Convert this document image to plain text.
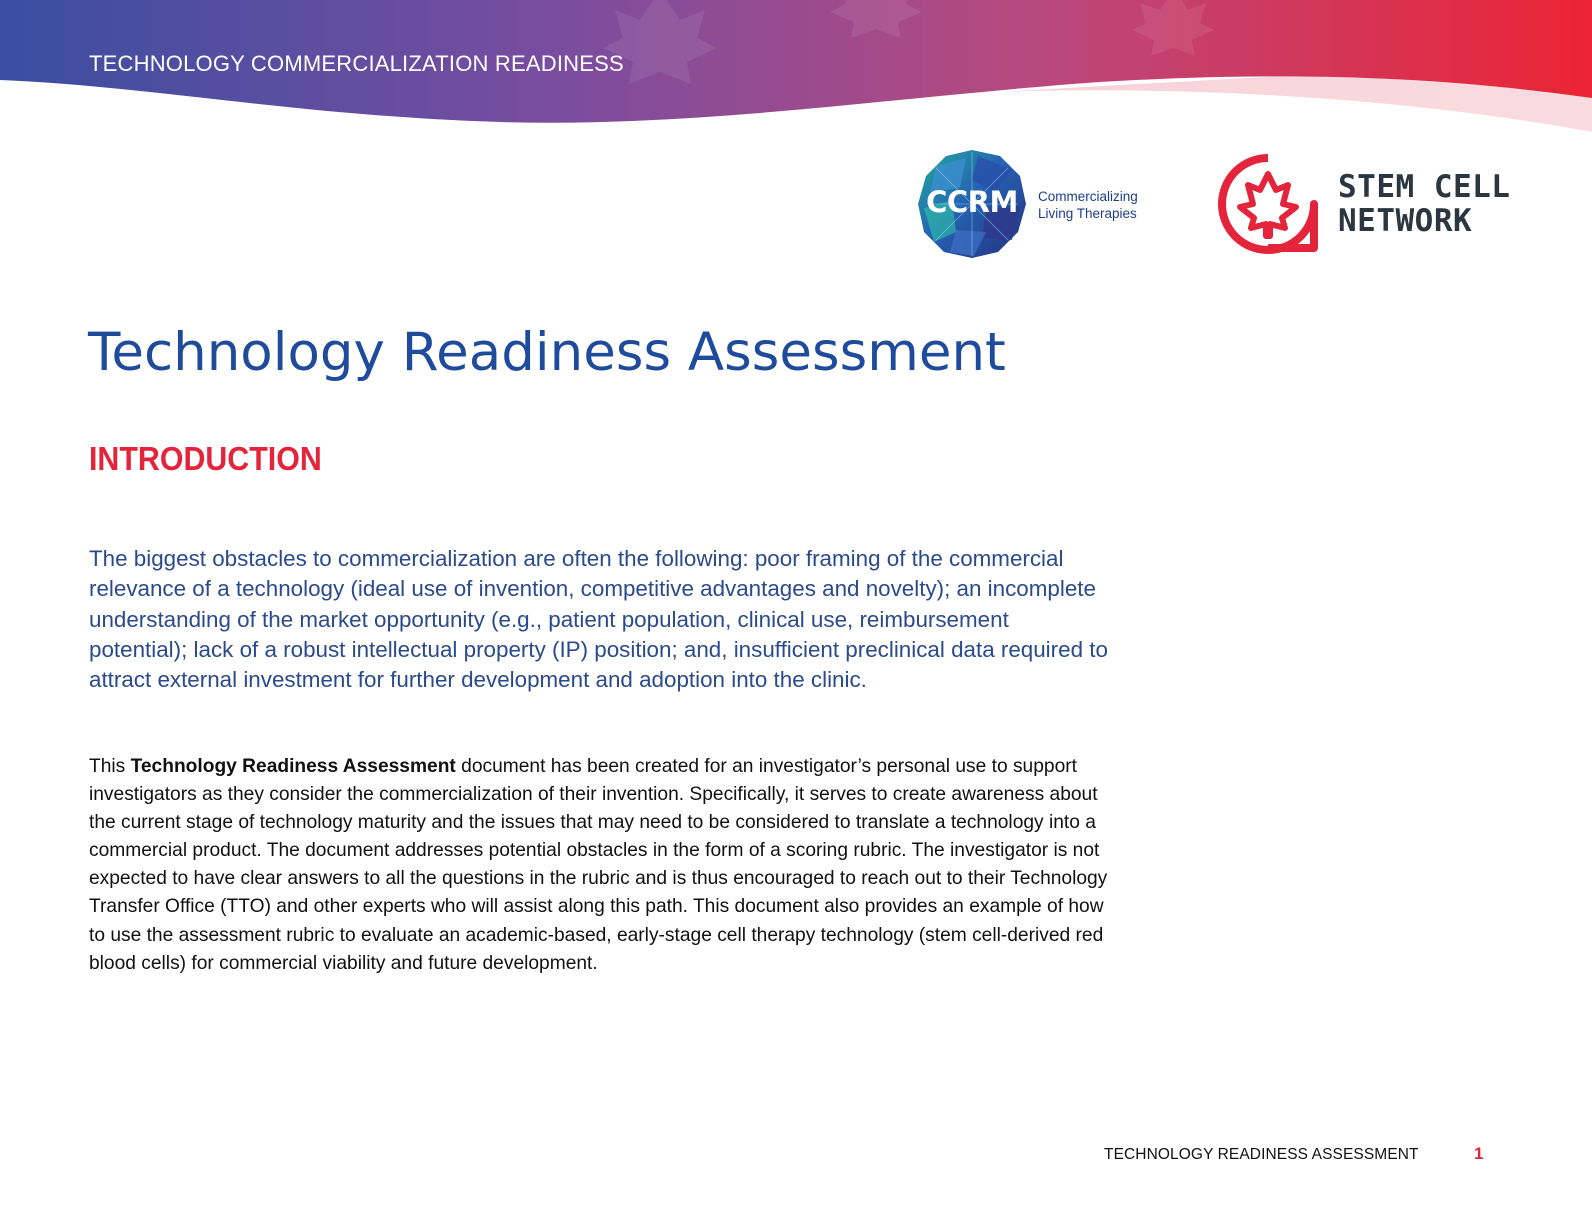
TECHNOLOGY COMMERCIALIZATION READINESS
CCRM	Commercializing
Living Therapies
STEM CELL
NETWORK
Technology Readiness Assessment
INTRODUCTION

The biggest obstacles to commercialization are often the following: poor framing of the commercial relevance of a technology (ideal use of invention, competitive advantages and novelty); an incomplete understanding of the market opportunity (e.g., patient population, clinical use, reimbursement potential); lack of a robust intellectual property (IP) position; and, insufficient preclinical data required to attract external investment for further development and adoption into the clinic.

This Technology Readiness Assessment document has been created for an investigator’s personal use to support investigators as they consider the commercialization of their invention. Specifically, it serves to create awareness about the current stage of technology maturity and the issues that may need to be considered to translate a technology into a commercial product. The document addresses potential obstacles in the form of a scoring rubric. The investigator is not expected to have clear answers to all the questions in the rubric and is thus encouraged to reach out to their Technology Transfer Office (TTO) and other experts who will assist along this path. This document also provides an example of how to use the assessment rubric to evaluate an academic-based, early-stage cell therapy technology (stem cell-derived red blood cells) for commercial viability and future development.

TECHNOLOGY READINESS ASSESSMENT	1
